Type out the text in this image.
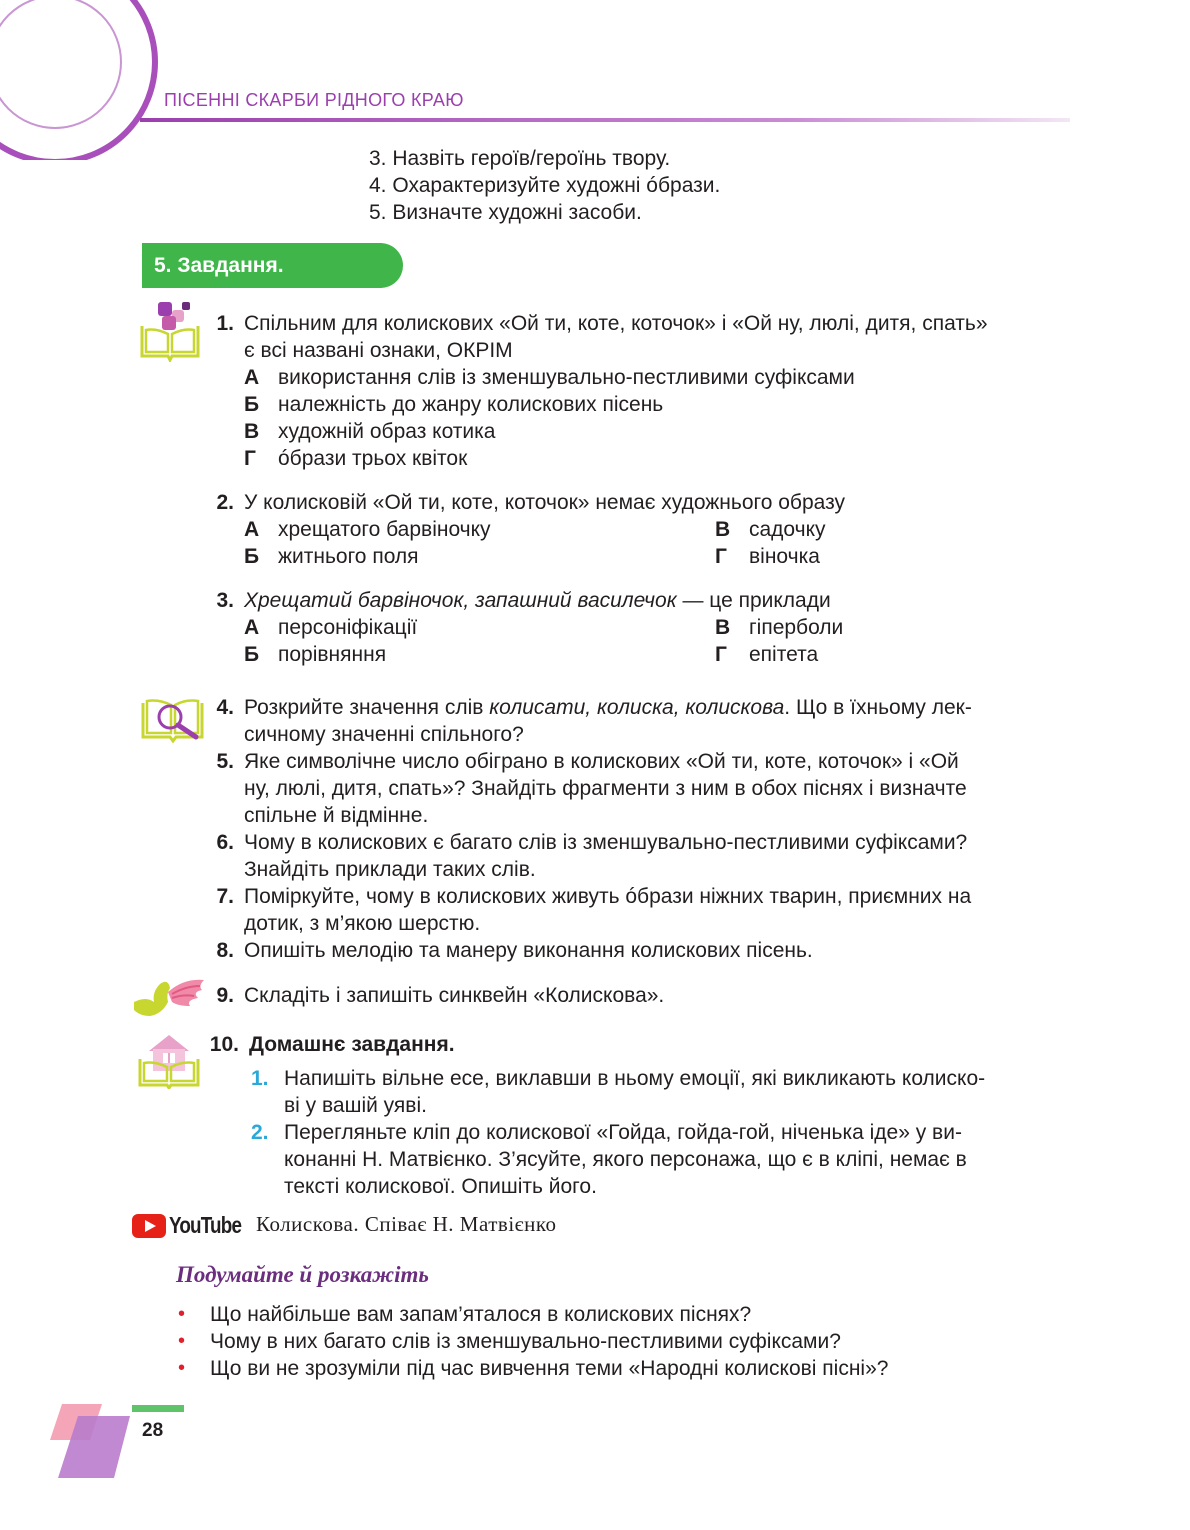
ПІСЕННІ СКАРБИ РІДНОГО КРАЮ
3. Назвіть героїв/героїнь твору.
4. Охарактеризуйте художні óбрази.
5. Визначте художні засоби.
5. Завдання.
1. Спільним для колискових «Ой ти, коте, коточок» і «Ой ну, люлі, дитя, спать»
є всі названі ознаки, ОКРІМ
А використання слів із зменшувально-пестливими суфіксами
Б належність до жанру колискових пісень
В художній образ котика
Г óбрази трьох квіток
2. У колисковій «Ой ти, коте, коточок» немає художнього образу
А хрещатого барвіночку
Б житнього поля
В садочку
Г віночка
3. Хрещатий барвіночок, запашний василечок — це приклади
А персоніфікації
Б порівняння
В гіперболи
Г епітета
4. Розкрийте значення слів колисати, колиска, колискова. Що в їхньому лек-
сичному значенні спільного?
5. Яке символічне число обіграно в колискових «Ой ти, коте, коточок» і «Ой
ну, люлі, дитя, спать»? Знайдіть фрагменти з ним в обох піснях і визначте
спільне й відмінне.
6. Чому в колискових є багато слів із зменшувально-пестливими суфіксами?
Знайдіть приклади таких слів.
7. Поміркуйте, чому в колискових живуть óбрази ніжних тварин, приємних на
дотик, з м’якою шерстю.
8. Опишіть мелодію та манеру виконання колискових пісень.
9. Складіть і запишіть синквейн «Колискова».
10. Домашнє завдання.
1. Напишіть вільне есе, виклавши в ньому емоції, які викликають колиско-
ві у вашій уяві.
2. Перегляньте кліп до колискової «Гойда, гойда-гой, ніченька іде» у ви-
конанні Н. Матвієнко. З’ясуйте, якого персонажа, що є в кліпі, немає в
тексті колискової. Опишіть його.
YouTube Колискова. Співає Н. Матвієнко
Подумайте й розкажіть
• Що найбільше вам запам’яталося в колискових піснях?
• Чому в них багато слів із зменшувально-пестливими суфіксами?
• Що ви не зрозуміли під час вивчення теми «Народні колискові пісні»?
28
